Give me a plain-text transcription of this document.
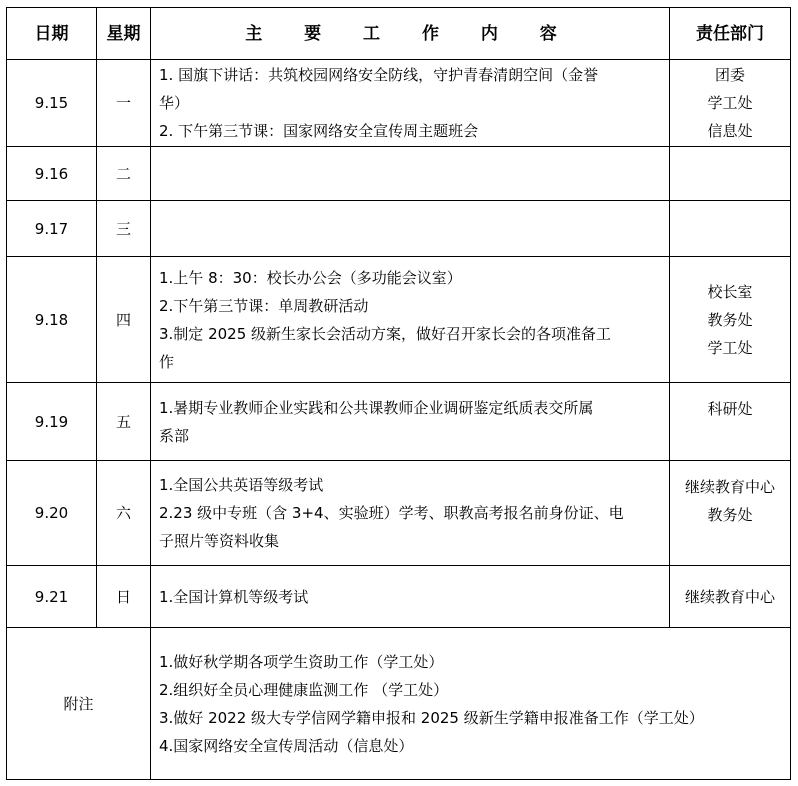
日期	星期	主 要 工 作 内 容	责任部门
9.15	一	1. 国旗下讲话：共筑校园网络安全防线，守护青春清朗空间（金誉
华）
2. 下午第三节课：国家网络安全宣传周主题班会	团委
学工处
信息处

9.16	二		
9.17	三		
9.18	四	1.上午 8：30：校长办公会（多功能会议室）
2.下午第三节课：单周教研活动
3.制定 2025 级新生家长会活动方案，做好召开家长会的各项准备工
作	校长室
教务处
学工处

9.19	五	1.暑期专业教师企业实践和公共课教师企业调研鉴定纸质表交所属
系部	科研处

9.20	六	1.全国公共英语等级考试
2.23 级中专班（含 3+4、实验班）学考、职教高考报名前身份证、电
子照片等资料收集	继续教育中心
教务处

9.21	日	1.全国计算机等级考试	继续教育中心

附注		1.做好秋学期各项学生资助工作（学工处）
2.组织好全员心理健康监测工作 （学工处）
3.做好 2022 级大专学信网学籍申报和 2025 级新生学籍申报准备工作（学工处）
4.国家网络安全宣传周活动（信息处）	
